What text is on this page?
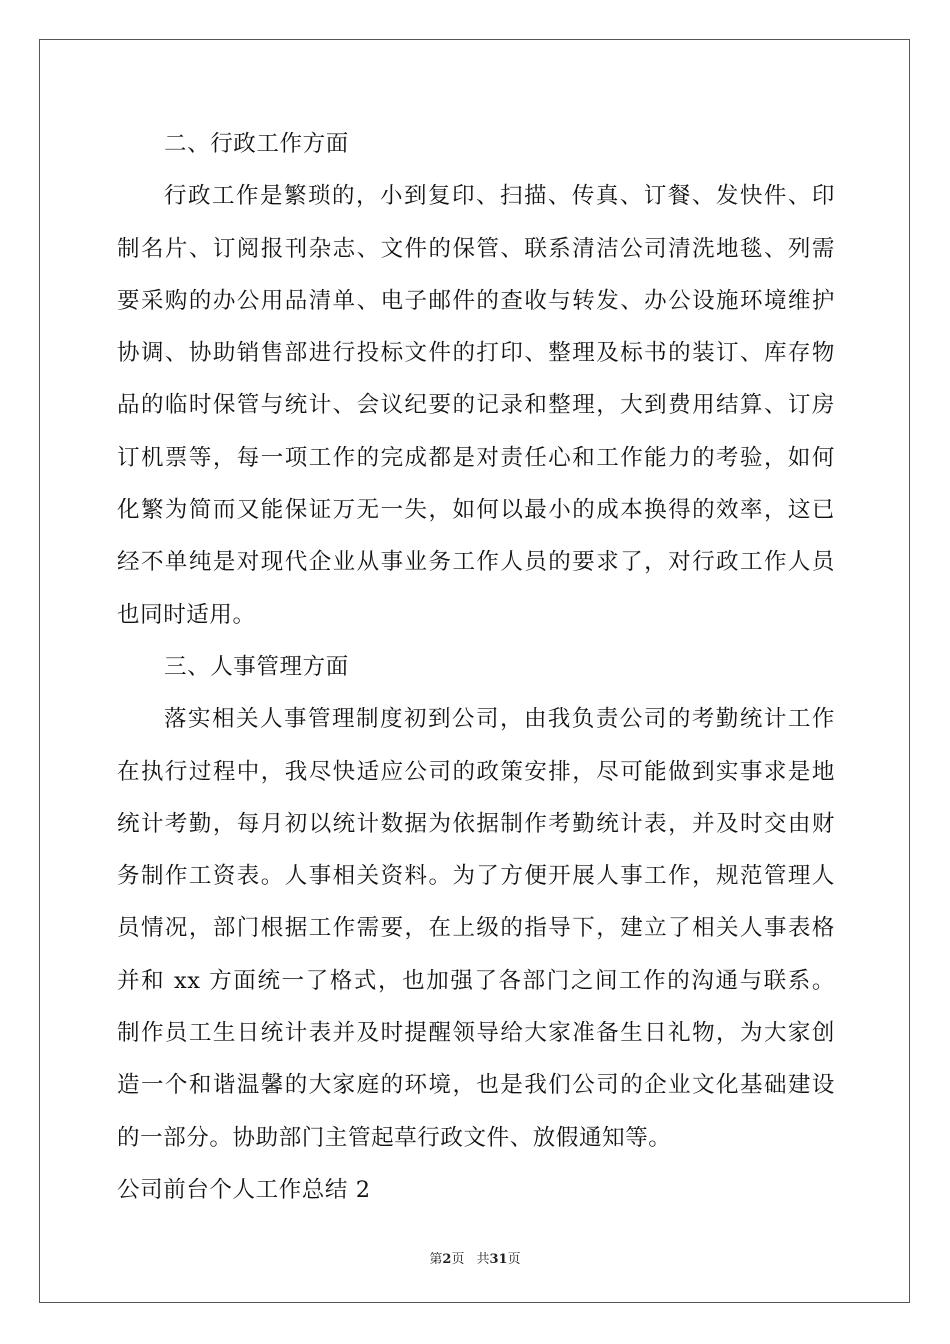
二、行政工作方面
行政工作是繁琐的，小到复印、扫描、传真、订餐、发快件、印
制名片、订阅报刊杂志、文件的保管、联系清洁公司清洗地毯、列需
要采购的办公用品清单、电子邮件的查收与转发、办公设施环境维护
协调、协助销售部进行投标文件的打印、整理及标书的装订、库存物
品的临时保管与统计、会议纪要的记录和整理，大到费用结算、订房
订机票等，每一项工作的完成都是对责任心和工作能力的考验，如何
化繁为简而又能保证万无一失，如何以最小的成本换得的效率，这已
经不单纯是对现代企业从事业务工作人员的要求了，对行政工作人员
也同时适用。
三、人事管理方面
落实相关人事管理制度初到公司，由我负责公司的考勤统计工作
在执行过程中，我尽快适应公司的政策安排，尽可能做到实事求是地
统计考勤，每月初以统计数据为依据制作考勤统计表，并及时交由财
务制作工资表。人事相关资料。为了方便开展人事工作，规范管理人
员情况，部门根据工作需要，在上级的指导下，建立了相关人事表格
并和 xx 方面统一了格式，也加强了各部门之间工作的沟通与联系。
制作员工生日统计表并及时提醒领导给大家准备生日礼物，为大家创
造一个和谐温馨的大家庭的环境，也是我们公司的企业文化基础建设
的一部分。协助部门主管起草行政文件、放假通知等。
公司前台个人工作总结 2
第2页 共31页
